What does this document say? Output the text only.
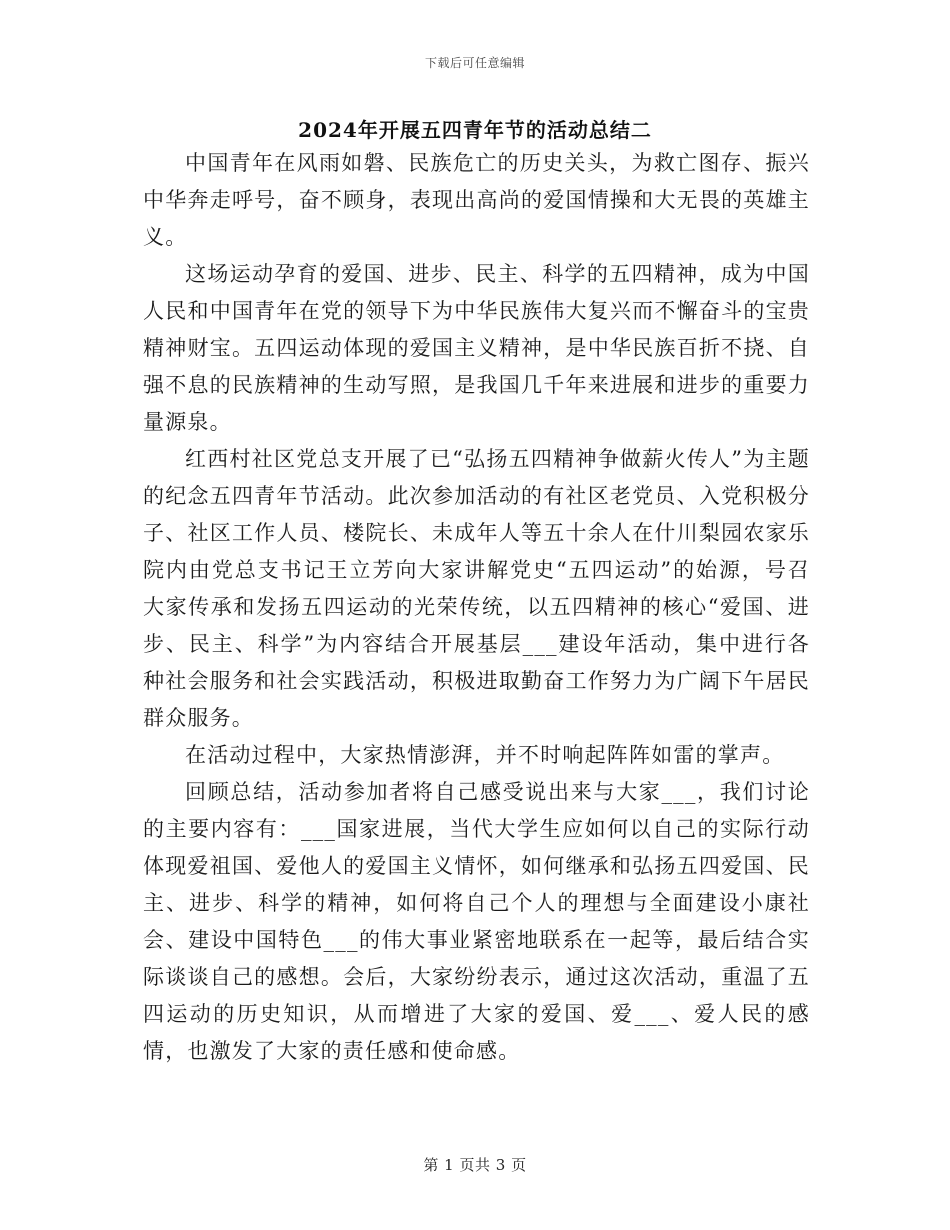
下载后可任意编辑
2024年开展五四青年节的活动总结二

中国青年在风雨如磐、民族危亡的历史关头，为救亡图存、振兴中华奔走呼号，奋不顾身，表现出高尚的爱国情操和大无畏的英雄主义。

这场运动孕育的爱国、进步、民主、科学的五四精神，成为中国人民和中国青年在党的领导下为中华民族伟大复兴而不懈奋斗的宝贵精神财宝。五四运动体现的爱国主义精神，是中华民族百折不挠、自强不息的民族精神的生动写照，是我国几千年来进展和进步的重要力量源泉。

红西村社区党总支开展了已“弘扬五四精神争做薪火传人”为主题的纪念五四青年节活动。此次参加活动的有社区老党员、入党积极分子、社区工作人员、楼院长、未成年人等五十余人在什川梨园农家乐院内由党总支书记王立芳向大家讲解党史“五四运动”的始源，号召大家传承和发扬五四运动的光荣传统，以五四精神的核心“爱国、进步、民主、科学”为内容结合开展基层___建设年活动，集中进行各种社会服务和社会实践活动，积极进取勤奋工作努力为广阔下午居民群众服务。

在活动过程中，大家热情澎湃，并不时响起阵阵如雷的掌声。

回顾总结，活动参加者将自己感受说出来与大家___，我们讨论的主要内容有：___国家进展，当代大学生应如何以自己的实际行动体现爱祖国、爱他人的爱国主义情怀，如何继承和弘扬五四爱国、民主、进步、科学的精神，如何将自己个人的理想与全面建设小康社会、建设中国特色___的伟大事业紧密地联系在一起等，最后结合实际谈谈自己的感想。会后，大家纷纷表示，通过这次活动，重温了五四运动的历史知识，从而增进了大家的爱国、爱___、爱人民的感情，也激发了大家的责任感和使命感。

第 1 页共 3 页
